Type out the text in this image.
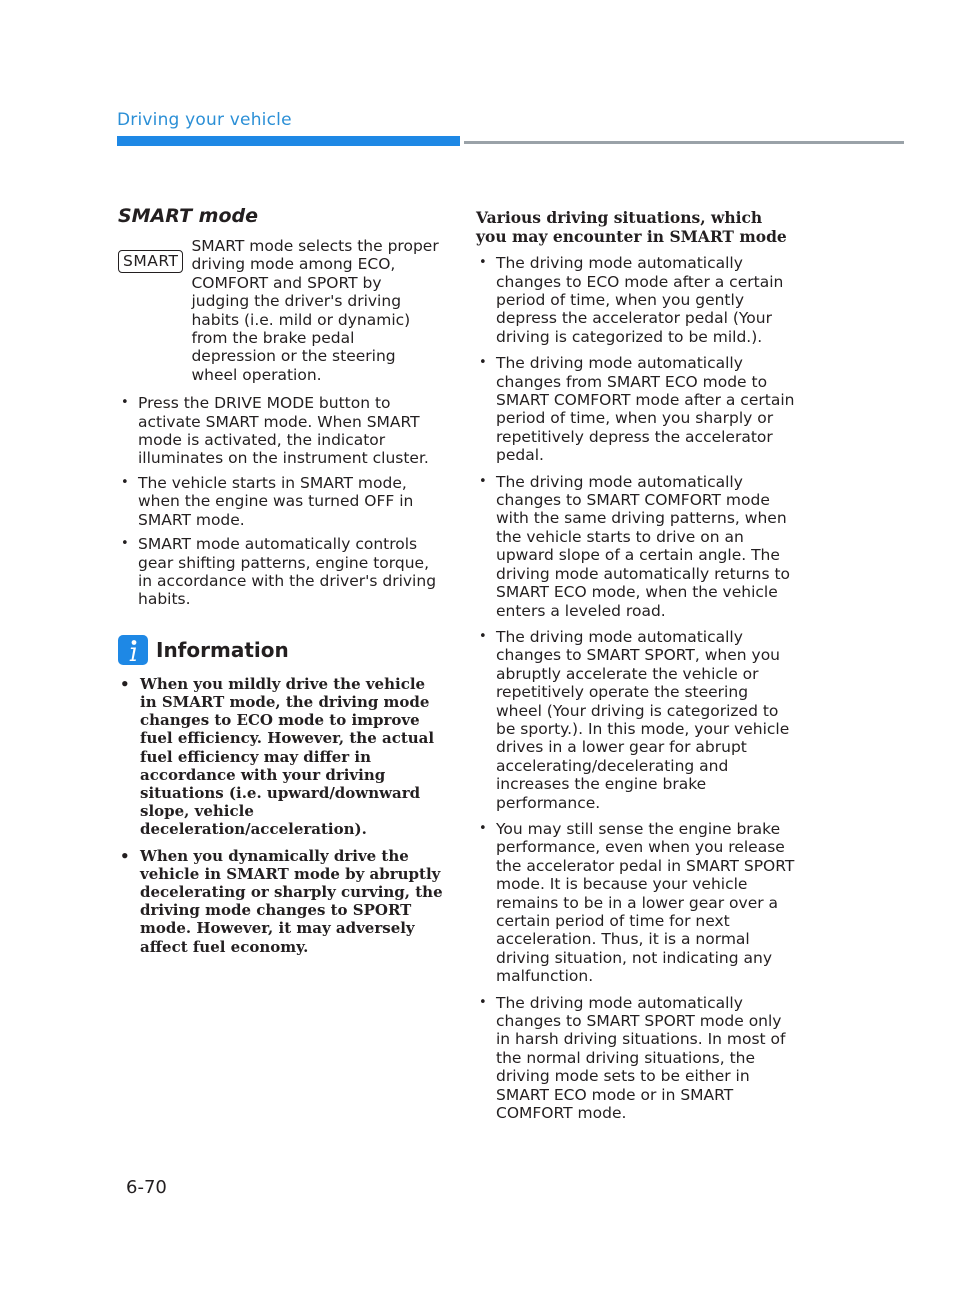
Driving your vehicle
SMART mode
SMART
SMART mode selects the proper driving mode among ECO, COMFORT and SPORT by judging the driver's driving habits (i.e. mild or dynamic) from the brake pedal depression or the steering wheel operation.
• Press the DRIVE MODE button to activate SMART mode. When SMART mode is activated, the indicator illuminates on the instrument cluster.
• The vehicle starts in SMART mode, when the engine was turned OFF in SMART mode.
• SMART mode automatically controls gear shifting patterns, engine torque, in accordance with the driver's driving habits.
Information
• When you mildly drive the vehicle in SMART mode, the driving mode changes to ECO mode to improve fuel efficiency. However, the actual fuel efficiency may differ in accordance with your driving situations (i.e. upward/downward slope, vehicle deceleration/acceleration).
• When you dynamically drive the vehicle in SMART mode by abruptly decelerating or sharply curving, the driving mode changes to SPORT mode. However, it may adversely affect fuel economy.
Various driving situations, which you may encounter in SMART mode
• The driving mode automatically changes to ECO mode after a certain period of time, when you gently depress the accelerator pedal (Your driving is categorized to be mild.).
• The driving mode automatically changes from SMART ECO mode to SMART COMFORT mode after a certain period of time, when you sharply or repetitively depress the accelerator pedal.
• The driving mode automatically changes to SMART COMFORT mode with the same driving patterns, when the vehicle starts to drive on an upward slope of a certain angle. The driving mode automatically returns to SMART ECO mode, when the vehicle enters a leveled road.
• The driving mode automatically changes to SMART SPORT, when you abruptly accelerate the vehicle or repetitively operate the steering wheel (Your driving is categorized to be sporty.). In this mode, your vehicle drives in a lower gear for abrupt accelerating/decelerating and increases the engine brake performance.
• You may still sense the engine brake performance, even when you release the accelerator pedal in SMART SPORT mode. It is because your vehicle remains to be in a lower gear over a certain period of time for next acceleration. Thus, it is a normal driving situation, not indicating any malfunction.
• The driving mode automatically changes to SMART SPORT mode only in harsh driving situations. In most of the normal driving situations, the driving mode sets to be either in SMART ECO mode or in SMART COMFORT mode.
6-70
